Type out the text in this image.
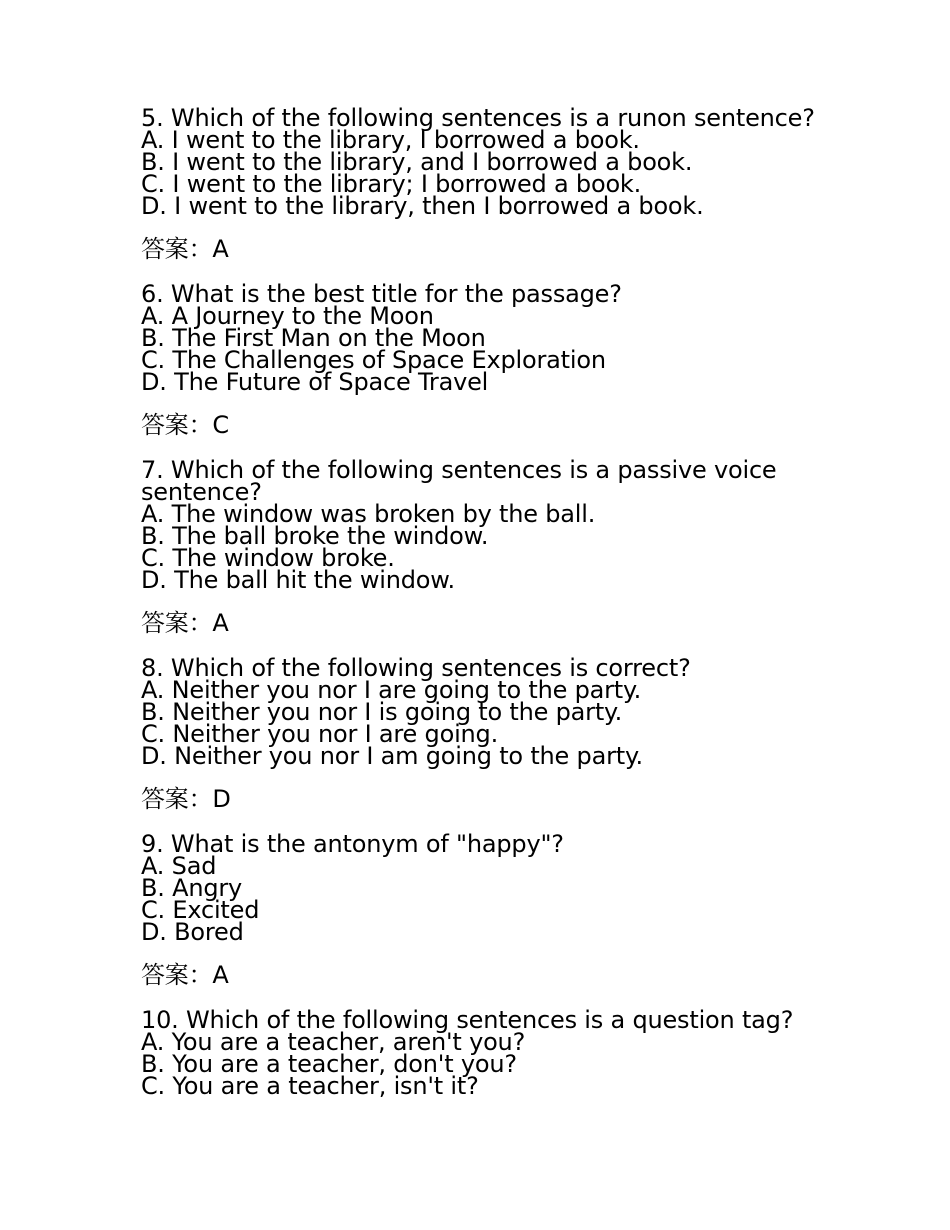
5. Which of the following sentences is a runon sentence?
A. I went to the library, I borrowed a book.
B. I went to the library, and I borrowed a book.
C. I went to the library; I borrowed a book.
D. I went to the library, then I borrowed a book.
答案：A
6. What is the best title for the passage?
A. A Journey to the Moon
B. The First Man on the Moon
C. The Challenges of Space Exploration
D. The Future of Space Travel
答案：C
7. Which of the following sentences is a passive voice sentence?
A. The window was broken by the ball.
B. The ball broke the window.
C. The window broke.
D. The ball hit the window.
答案：A
8. Which of the following sentences is correct?
A. Neither you nor I are going to the party.
B. Neither you nor I is going to the party.
C. Neither you nor I are going.
D. Neither you nor I am going to the party.
答案：D
9. What is the antonym of "happy"?
A. Sad
B. Angry
C. Excited
D. Bored
答案：A
10. Which of the following sentences is a question tag?
A. You are a teacher, aren't you?
B. You are a teacher, don't you?
C. You are a teacher, isn't it?
